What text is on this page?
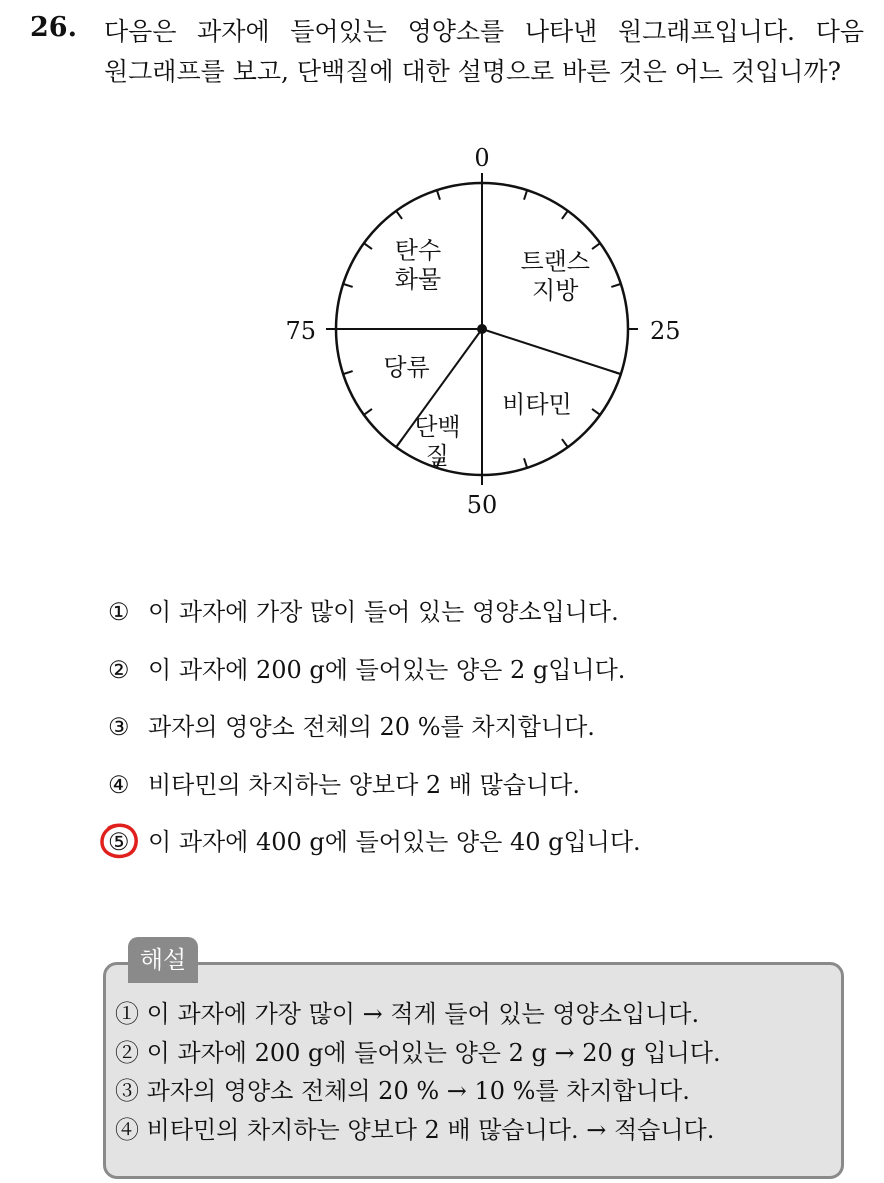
26. 다음은 과자에 들어있는 영양소를 나타낸 원그래프입니다. 다음
원그래프를 보고, 단백질에 대한 설명으로 바른 것은 어느 것입니까?
0
25
50
75
트랜스
지방
비타민
단백
질
당류
탄수
화물
① 이 과자에 가장 많이 들어 있는 영양소입니다.
② 이 과자에 200 g에 들어있는 양은 2 g입니다.
③ 과자의 영양소 전체의 20 %를 차지합니다.
④ 비타민의 차지하는 양보다 2 배 많습니다.
⑤ 이 과자에 400 g에 들어있는 양은 40 g입니다.
해설
① 이 과자에 가장 많이 → 적게 들어 있는 영양소입니다.
② 이 과자에 200 g에 들어있는 양은 2 g → 20 g 입니다.
③ 과자의 영양소 전체의 20 % → 10 %를 차지합니다.
④ 비타민의 차지하는 양보다 2 배 많습니다. → 적습니다.
